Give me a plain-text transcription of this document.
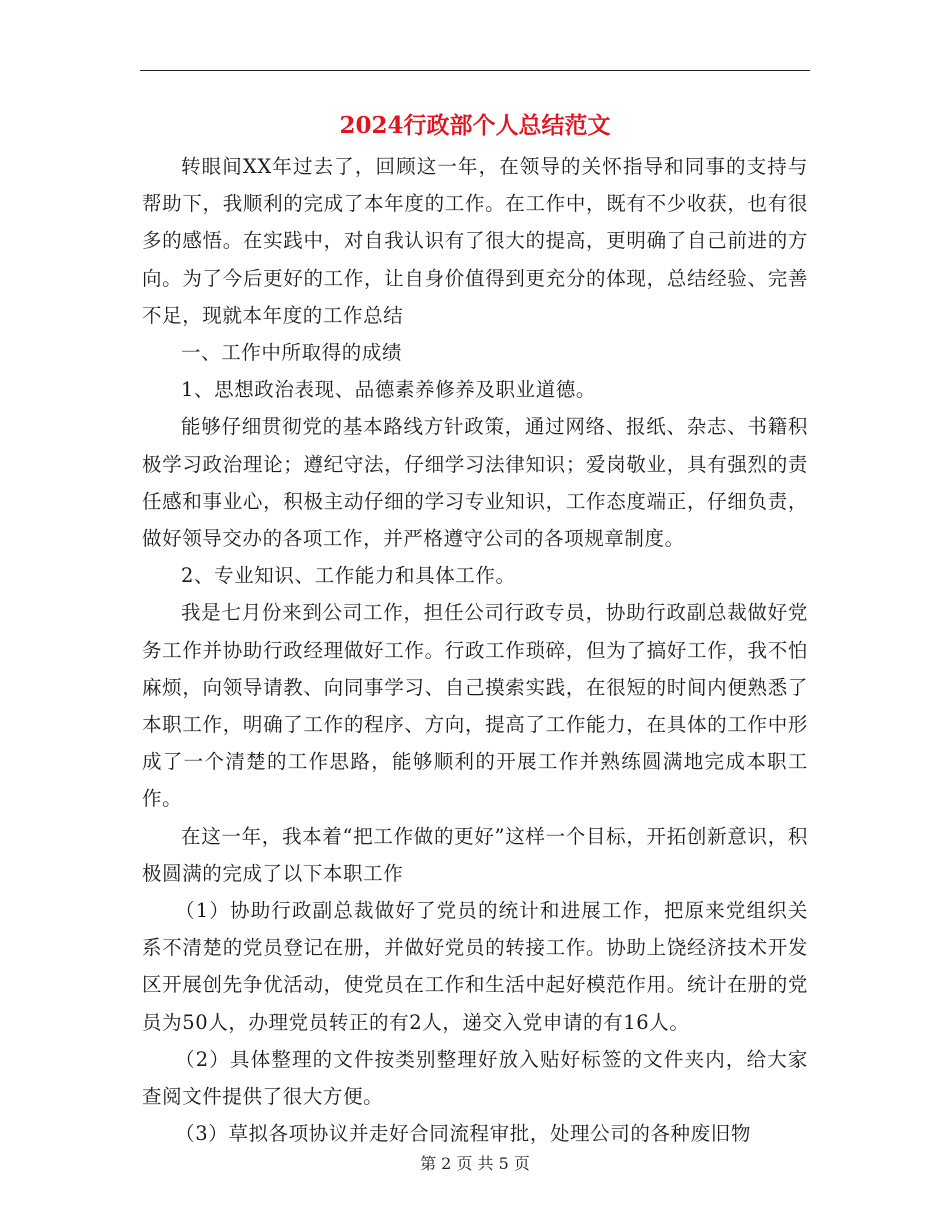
2024行政部个人总结范文

转眼间XX年过去了，回顾这一年，在领导的关怀指导和同事的支持与帮助下，我顺利的完成了本年度的工作。在工作中，既有不少收获，也有很多的感悟。在实践中，对自我认识有了很大的提高，更明确了自己前进的方向。为了今后更好的工作，让自身价值得到更充分的体现，总结经验、完善不足，现就本年度的工作总结

一、工作中所取得的成绩

1、思想政治表现、品德素养修养及职业道德。

能够仔细贯彻党的基本路线方针政策，通过网络、报纸、杂志、书籍积极学习政治理论；遵纪守法，仔细学习法律知识；爱岗敬业，具有强烈的责任感和事业心，积极主动仔细的学习专业知识，工作态度端正，仔细负责，做好领导交办的各项工作，并严格遵守公司的各项规章制度。

2、专业知识、工作能力和具体工作。

我是七月份来到公司工作，担任公司行政专员，协助行政副总裁做好党务工作并协助行政经理做好工作。行政工作琐碎，但为了搞好工作，我不怕麻烦，向领导请教、向同事学习、自己摸索实践，在很短的时间内便熟悉了本职工作，明确了工作的程序、方向，提高了工作能力，在具体的工作中形成了一个清楚的工作思路，能够顺利的开展工作并熟练圆满地完成本职工作。

在这一年，我本着“把工作做的更好”这样一个目标，开拓创新意识，积极圆满的完成了以下本职工作

（1）协助行政副总裁做好了党员的统计和进展工作，把原来党组织关系不清楚的党员登记在册，并做好党员的转接工作。协助上饶经济技术开发区开展创先争优活动，使党员在工作和生活中起好模范作用。统计在册的党员为50人，办理党员转正的有2人，递交入党申请的有16人。

（2）具体整理的文件按类别整理好放入贴好标签的文件夹内，给大家查阅文件提供了很大方便。

（3）草拟各项协议并走好合同流程审批，处理公司的各种废旧物

第 2 页 共 5 页
